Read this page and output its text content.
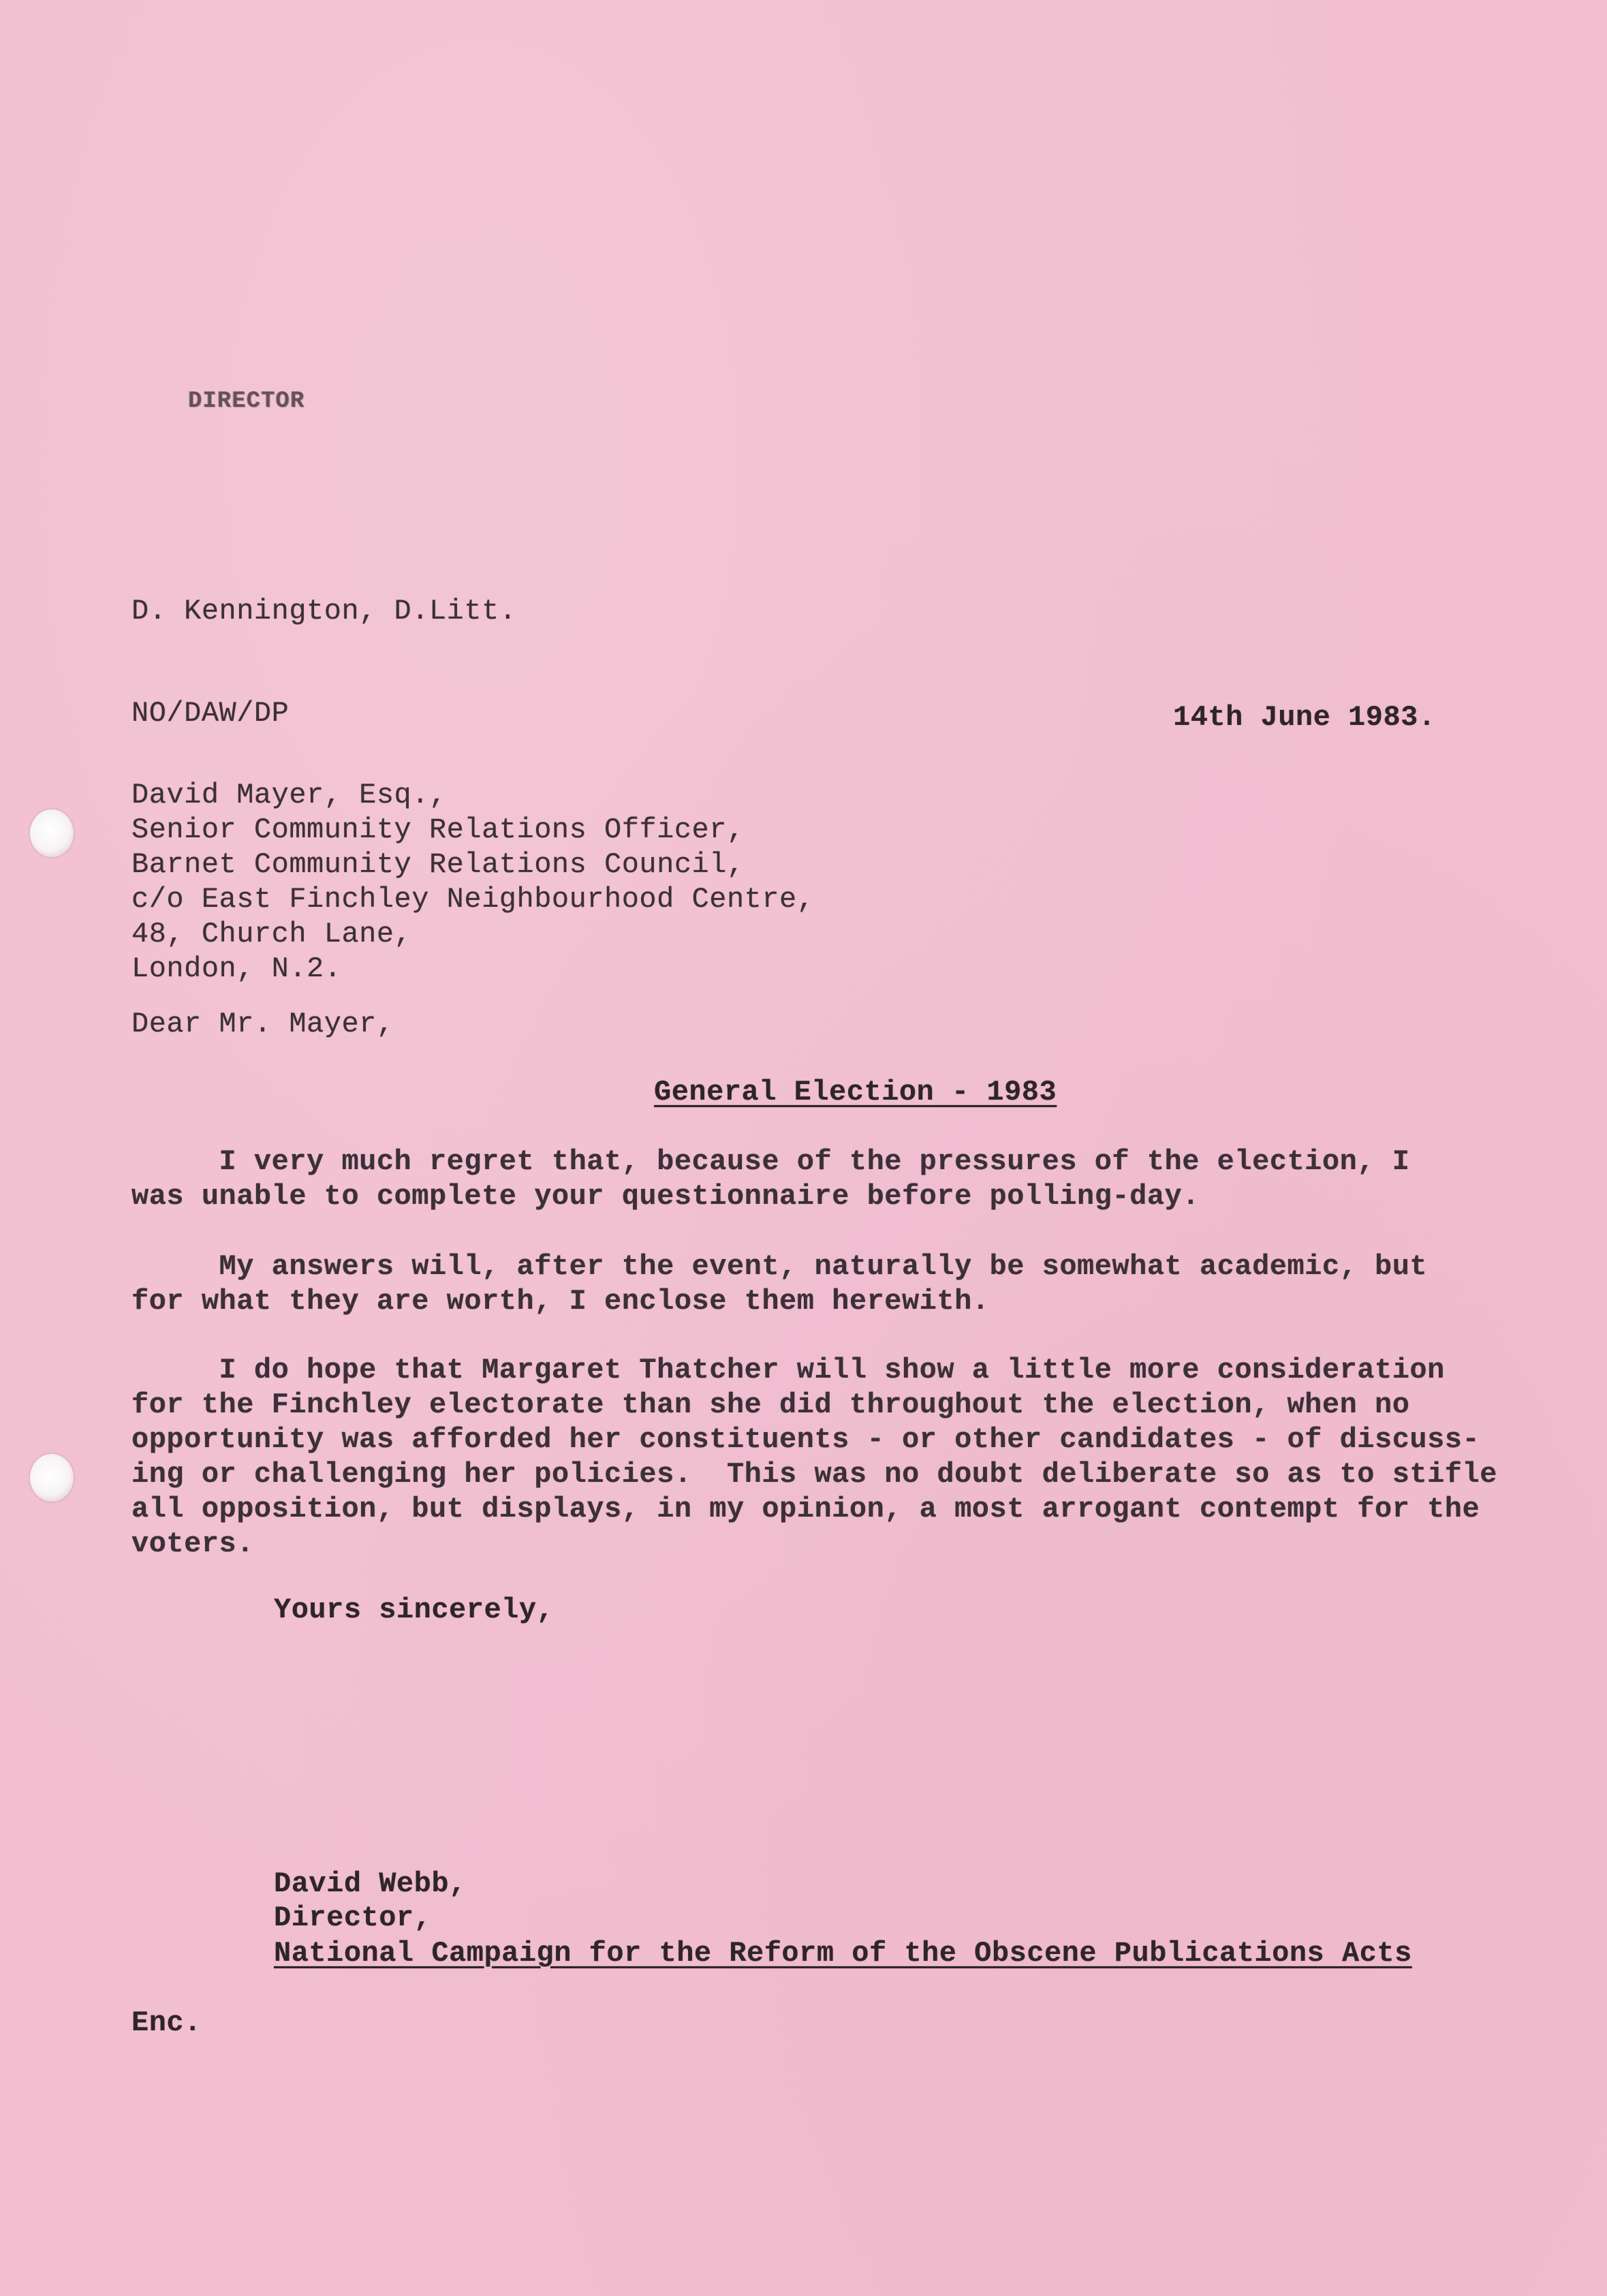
DIRECTOR
D. Kennington, D.Litt.
NO/DAW/DP	14th June 1983.
David Mayer, Esq.,
Senior Community Relations Officer,
Barnet Community Relations Council,
c/o East Finchley Neighbourhood Centre,
48, Church Lane,
London, N.2.
Dear Mr. Mayer,
General Election - 1983
I very much regret that, because of the pressures of the election, I
was unable to complete your questionnaire before polling-day.
My answers will, after the event, naturally be somewhat academic, but
for what they are worth, I enclose them herewith.
I do hope that Margaret Thatcher will show a little more consideration
for the Finchley electorate than she did throughout the election, when no
opportunity was afforded her constituents - or other candidates - of discuss-
ing or challenging her policies.  This was no doubt deliberate so as to stifle
all opposition, but displays, in my opinion, a most arrogant contempt for the
voters.
Yours sincerely,
David Webb,
Director,
National Campaign for the Reform of the Obscene Publications Acts
Enc.
